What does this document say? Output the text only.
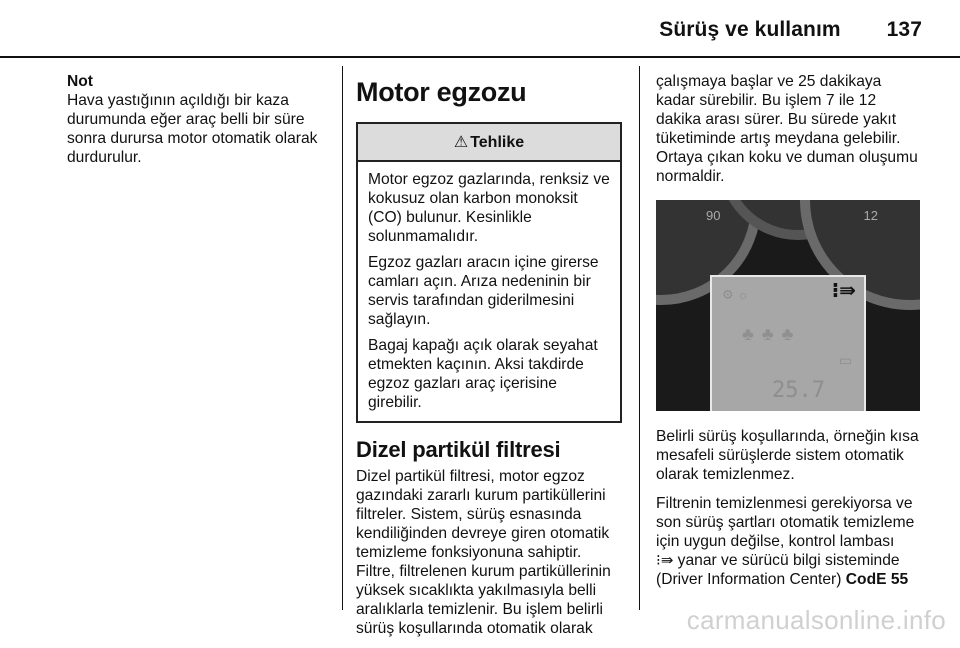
Sürüş ve kullanım 137
Not

Hava yastığının açıldığı bir kaza durumunda eğer araç belli bir süre sonra durursa motor otomatik olarak durdurulur.

Motor egzozu
⚠ Tehlike

Motor egzoz gazlarında, renksiz ve kokusuz olan karbon monoksit (CO) bulunur. Kesinlikle solunmamalıdır.

Egzoz gazları aracın içine girerse camları açın. Arıza nedeninin bir servis tarafından giderilmesini sağlayın.

Bagaj kapağı açık olarak seyahat etmekten kaçının. Aksi takdirde egzoz gazları araç içerisine girebilir.

Dizel partikül filtresi

Dizel partikül filtresi, motor egzoz gazındaki zararlı kurum partiküllerini filtreler. Sistem, sürüş esnasında kendiliğinden devreye giren otomatik temizleme fonksiyonuna sahiptir. Filtre, filtrelenen kurum partiküllerinin yüksek sıcaklıkta yakılmasıyla belli aralıklarla temizlenir. Bu işlem belirli sürüş koşullarında otomatik olarak

çalışmaya başlar ve 25 dakikaya kadar sürebilir. Bu işlem 7 ile 12 dakika arası sürer. Bu sürede yakıt tüketiminde artış meydana gelebilir. Ortaya çıkan koku ve duman oluşumu normaldir.

90	12
⚙ ☼	⁝⇛
♣♣♣
▭
25.7

Belirli sürüş koşullarında, örneğin kısa mesafeli sürüşlerde sistem otomatik olarak temizlenmez.

Filtrenin temizlenmesi gerekiyorsa ve son sürüş şartları otomatik temizleme için uygun değilse, kontrol lambası
⁝⇛ yanar ve sürücü bilgi sisteminde (Driver Information Center) CodE 55

carmanualsonline.info
